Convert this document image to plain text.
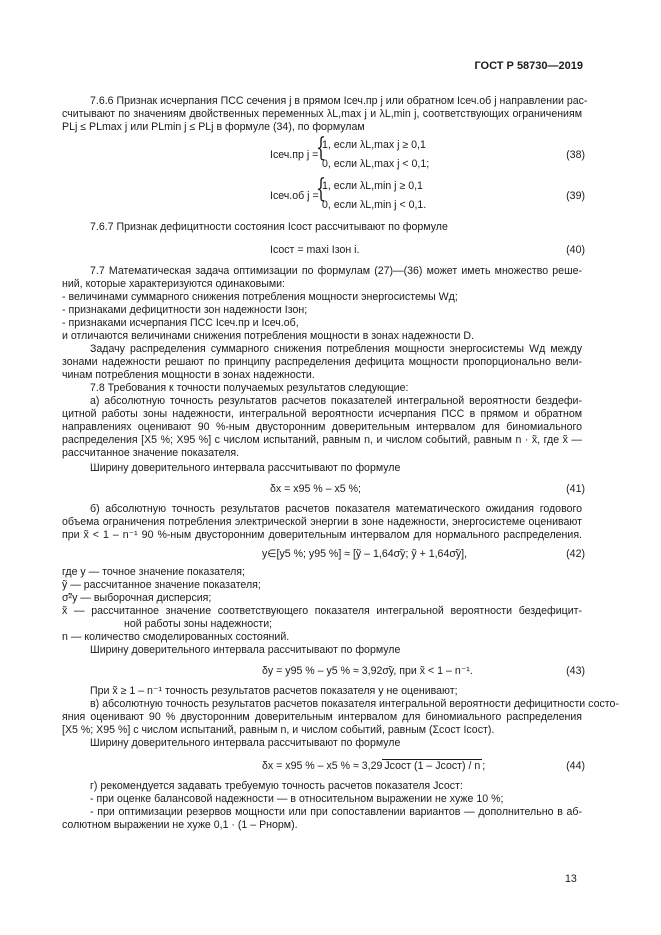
ГОСТ Р 58730—2019
7.6.6 Признак исчерпания ПСС сечения j в прямом Iсеч.пр j или обратном Iсеч.об j направлении рас-
считывают по значениям двойственных переменных λL,max j и λL,min j, соответствующих ограничениям
PLj ≤ PLmax j или PLmin j ≤ PLj в формуле (34), по формулам
Iсеч.пр j =
{
1, если λL,max j ≥ 0,1
0, если λL,max j < 0,1;
(38)
Iсеч.об j =
{
1, если λL,min j ≥ 0,1
0, если λL,min j < 0,1.
(39)
7.6.7 Признак дефицитности состояния Iсост рассчитывают по формуле
Iсост = maxi Iзон i.	(40)
7.7 Математическая задача оптимизации по формулам (27)—(36) может иметь множество реше-
ний, которые характеризуются одинаковыми:
- величинами суммарного снижения потребления мощности энергосистемы Wд;
- признаками дефицитности зон надежности Iзон;
- признаками исчерпания ПСС Iсеч.пр и Iсеч.об,
и отличаются величинами снижения потребления мощности в зонах надежности D.
Задачу распределения суммарного снижения потребления мощности энергосистемы Wд между
зонами надежности решают по принципу распределения дефицита мощности пропорционально вели-
чинам потребления мощности в зонах надежности.
7.8 Требования к точности получаемых результатов следующие:
а) абсолютную точность результатов расчетов показателей интегральной вероятности бездефи-
цитной работы зоны надежности, интегральной вероятности исчерпания ПСС в прямом и обратном
направлениях оценивают 90 %-ным двусторонним доверительным интервалом для биномиального
распределения [X5 %; X95 %] с числом испытаний, равным n, и числом событий, равным n · x̃, где x̃ —
рассчитанное значение показателя.
Ширину доверительного интервала рассчитывают по формуле
δx = x95 % – x5 %;	(41)
б) абсолютную точность результатов расчетов показателя математического ожидания годового
объема ограничения потребления электрической энергии в зоне надежности, энергосистеме оценивают
при x̃ < 1 – n⁻¹ 90 %-ным двусторонним доверительным интервалом для нормального распределения.
y∈[y5 %; y95 %] ≈ [ỹ – 1,64σ̃y; ỹ + 1,64σ̃y],	(42)
где y — точное значение показателя;
ỹ — рассчитанное значение показателя;
σ̃²y — выборочная дисперсия;
x̃ — рассчитанное значение соответствующего показателя интегральной вероятности бездефицит-
ной работы зоны надежности;
n — количество смоделированных состояний.
Ширину доверительного интервала рассчитывают по формуле
δy = y95 % – y5 % ≈ 3,92σ̃y, при x̃ < 1 – n⁻¹.	(43)
При x̃ ≥ 1 – n⁻¹ точность результатов расчетов показателя y не оценивают;
в) абсолютную точность результатов расчетов показателя интегральной вероятности дефицитности состо-
яния оценивают 90 % двусторонним доверительным интервалом для биномиального распределения
[X5 %; X95 %] с числом испытаний, равным n, и числом событий, равным (Σсост Iсост).
Ширину доверительного интервала рассчитывают по формуле
δx = x95 % – x5 % ≈ 3,29 Jсост (1 – Jсост) / n ;	(44)
г) рекомендуется задавать требуемую точность расчетов показателя Jсост:
- при оценке балансовой надежности — в относительном выражении не хуже 10 %;
- при оптимизации резервов мощности или при сопоставлении вариантов — дополнительно в аб-
солютном выражении не хуже 0,1 · (1 – Pнорм).
13
